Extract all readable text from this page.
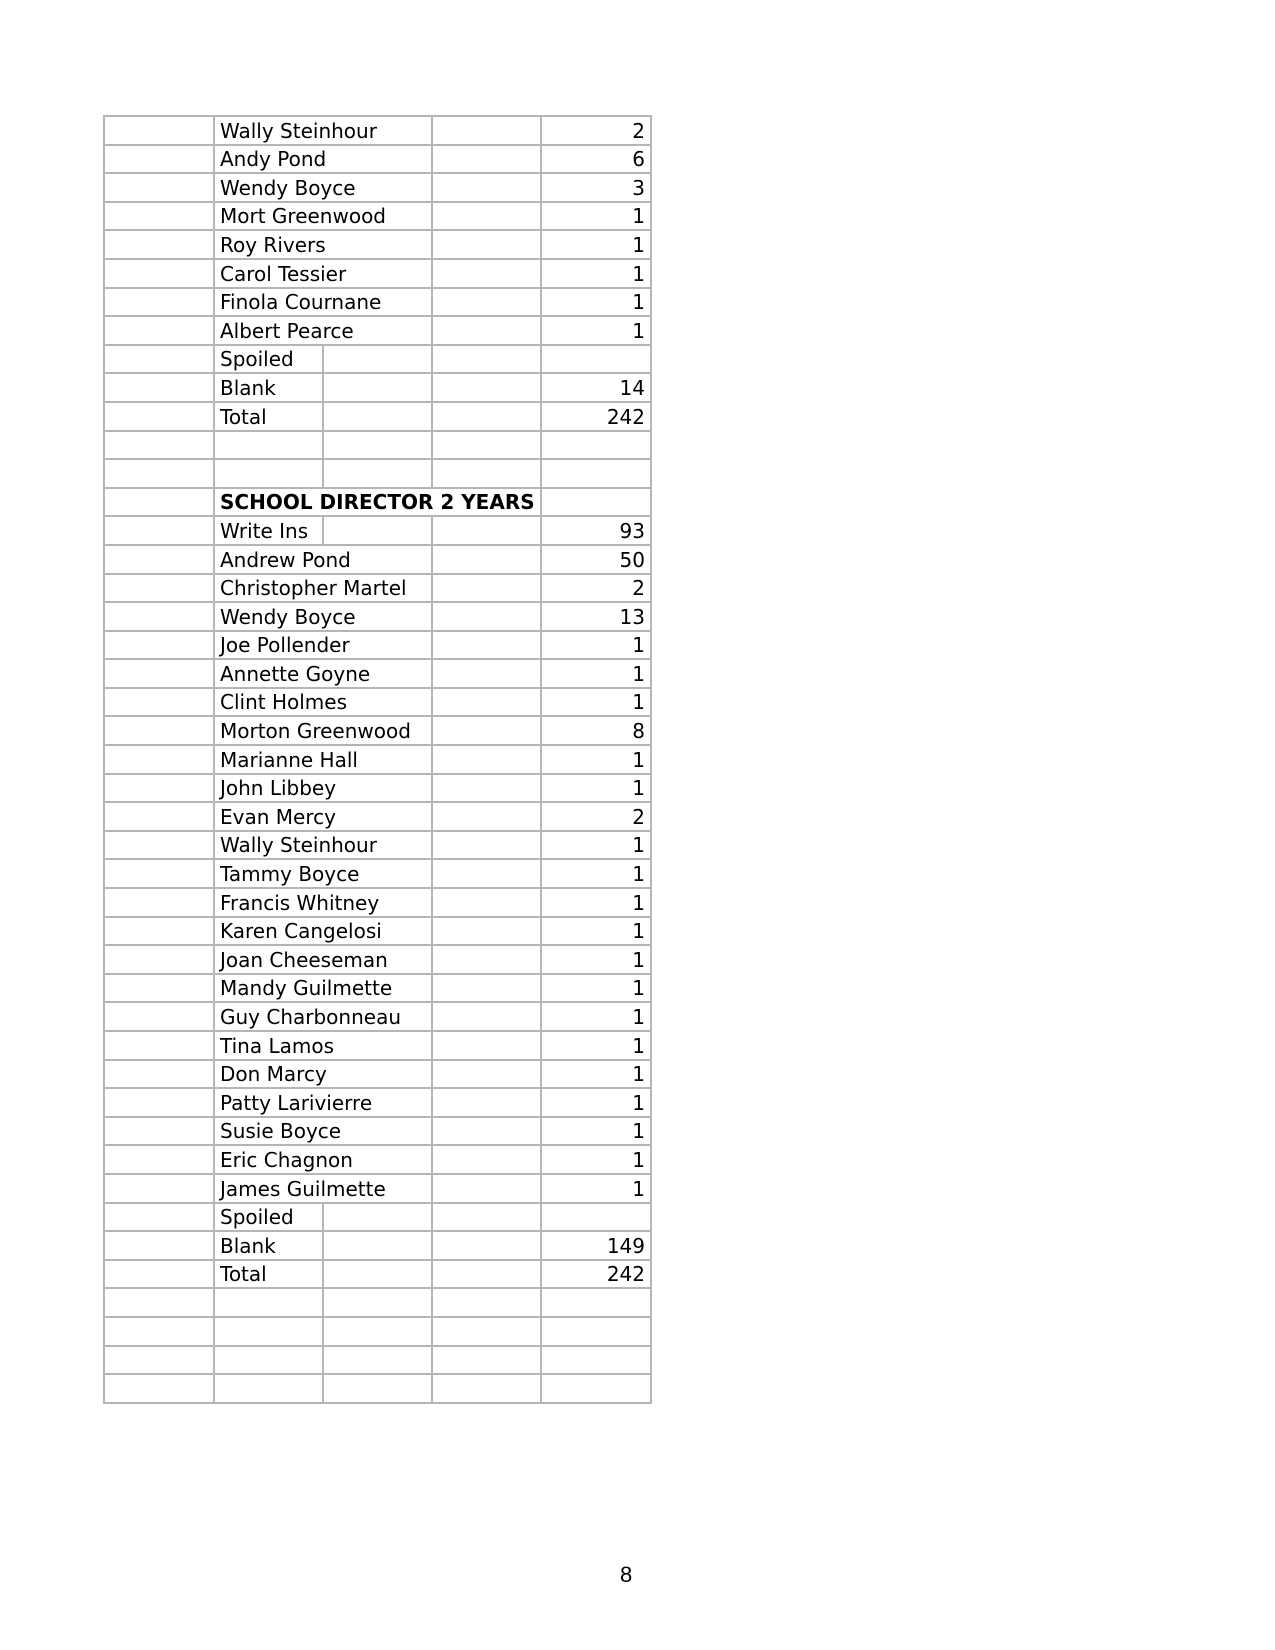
	Wally Steinhour			2
	Andy Pond			6
	Wendy Boyce			3
	Mort Greenwood			1
	Roy Rivers			1
	Carol Tessier			1
	Finola Cournane			1
	Albert Pearce			1
	Spoiled			
	Blank			14
	Total			242

	SCHOOL DIRECTOR 2 YEARS			
	Write Ins			93
	Andrew Pond			50
	Christopher Martel			2
	Wendy Boyce			13
	Joe Pollender			1
	Annette Goyne			1
	Clint Holmes			1
	Morton Greenwood			8
	Marianne Hall			1
	John Libbey			1
	Evan Mercy			2
	Wally Steinhour			1
	Tammy Boyce			1
	Francis Whitney			1
	Karen Cangelosi			1
	Joan Cheeseman			1
	Mandy Guilmette			1
	Guy Charbonneau			1
	Tina Lamos			1
	Don Marcy			1
	Patty Larivierre			1
	Susie Boyce			1
	Eric Chagnon			1
	James Guilmette			1
	Spoiled			
	Blank			149
	Total			242

8
